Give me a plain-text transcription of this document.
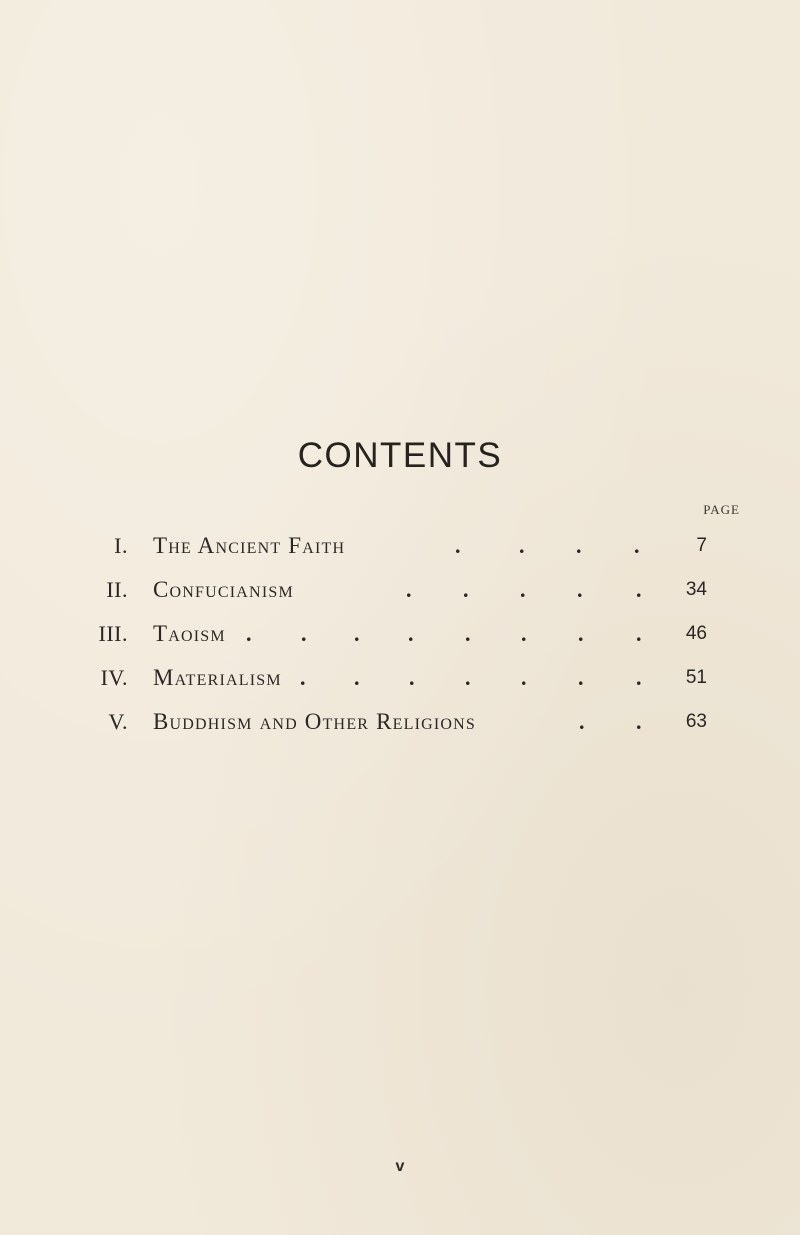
CONTENTS
PAGE
I. The Ancient Faith	.	. . .	7
II. Confucianism	. . . . . 34
III. Taoism . . . . . . . . 46
IV. Materialism . . . . . . . 51
V. Buddhism and Other Religions	. . 63
v
